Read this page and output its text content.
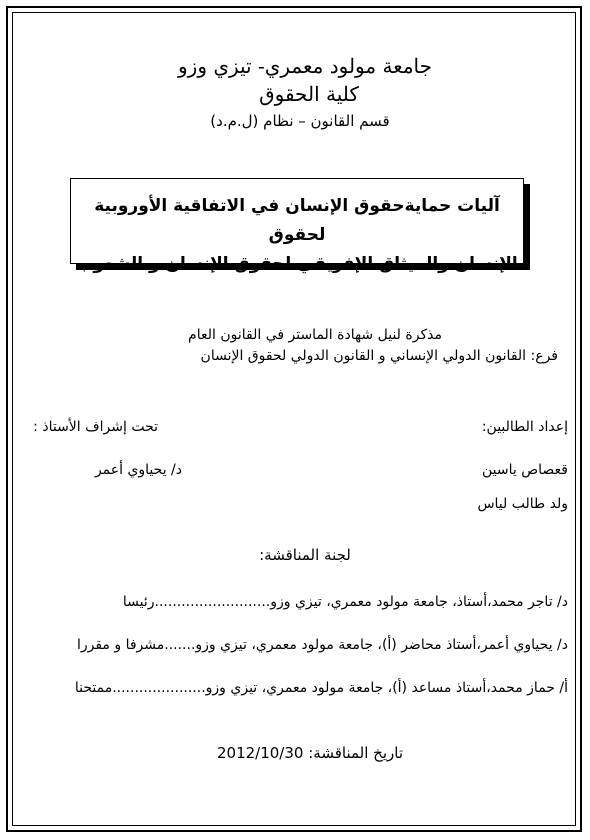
جامعة مولود معمري- تيزي وزو
كلية الحقوق
قسم القانون – نظام (ل.م.د)
آليات حمايةحقوق الإنسان في الاتفاقية الأوروبية لحقوق
الإنسان والميثاق الإفريقي لحقوق الإنسان و الشعوب
مذكرة لنيل شهادة الماستر في القانون العام
فرع: القانون الدولي الإنساني و القانون الدولي لحقوق الإنسان
إعداد الطالبين:
تحت إشراف الأستاذ :
قعصاص ياسين
د/ يحياوي أعمر
ولد طالب لياس
لجنة المناقشة:
د/ تاجر محمد،أستاذ، جامعة مولود معمري، تيزي وزو..........................رئيسا
د/ يحياوي أعمر،أستاذ محاضر (أ)، جامعة مولود معمري، تيزي وزو.......مشرفا و مقررا
أ/ حماز محمد،أستاذ مساعد (أ)، جامعة مولود معمري، تيزي وزو.....................ممتحنا
تاريخ المناقشة: 2012/10/30
